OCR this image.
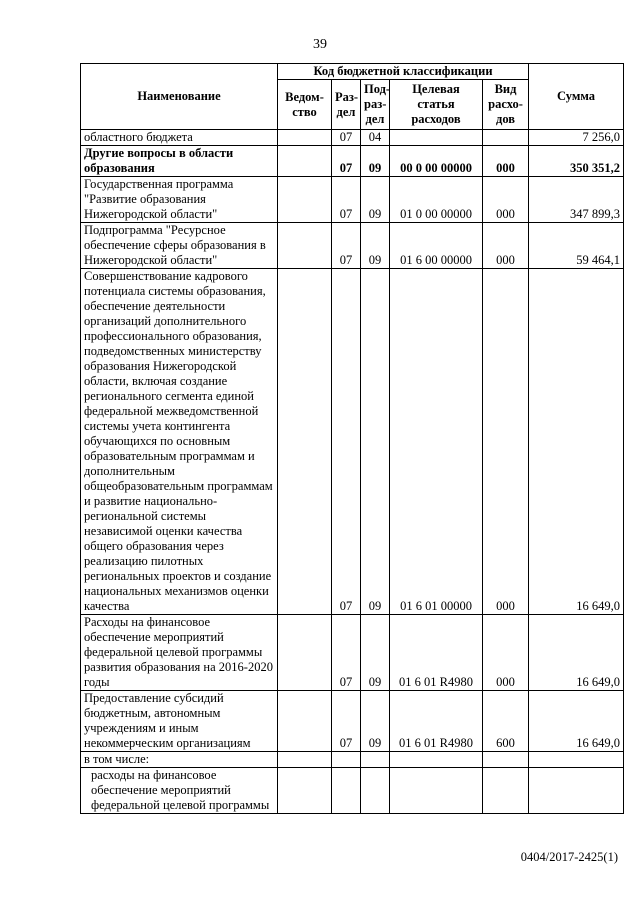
39
Наименование	Код бюджетной классификации					Сумма
	Ведом-ство	Раз-дел	Под-раз-дел	Целевая статья расходов	Вид расхо-дов	
областного бюджета		07	04			7 256,0
Другие вопросы в области образования		07	09	00 0 00 00000	000	350 351,2
Государственная программа "Развитие образования Нижегородской области"		07	09	01 0 00 00000	000	347 899,3
Подпрограмма "Ресурсное обеспечение сферы образования в Нижегородской области"		07	09	01 6 00 00000	000	59 464,1
Совершенствование кадрового потенциала системы образования, обеспечение деятельности организаций дополнительного профессионального образования, подведомственных министерству образования Нижегородской области, включая создание регионального сегмента единой федеральной межведомственной системы учета контингента обучающихся по основным образовательным программам и дополнительным общеобразовательным программам и развитие национально-региональной системы независимой оценки качества общего образования через реализацию пилотных региональных проектов и создание национальных механизмов оценки качества		07	09	01 6 01 00000	000	16 649,0
Расходы на финансовое обеспечение мероприятий федеральной целевой программы развития образования на 2016-2020 годы		07	09	01 6 01 R4980	000	16 649,0
Предоставление субсидий бюджетным, автономным учреждениям и иным некоммерческим организациям		07	09	01 6 01 R4980	600	16 649,0
в том числе:						
расходы на финансовое обеспечение мероприятий федеральной целевой программы						
0404/2017-2425(1)
